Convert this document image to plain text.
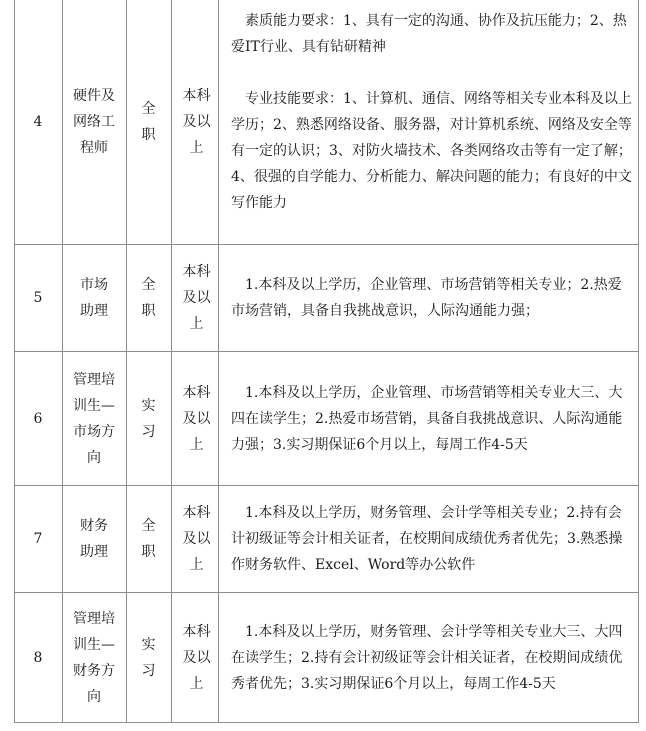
4
硬件及网络工程师
全职
本科及以上

素质能力要求：1、具有一定的沟通、协作及抗压能力；2、热爱IT行业、具有钻研精神

专业技能要求：1、计算机、通信、网络等相关专业本科及以上学历；2、熟悉网络设备、服务器，对计算机系统、网络及安全等有一定的认识；3、对防火墙技术、各类网络攻击等有一定了解；4、很强的自学能力、分析能力、解决问题的能力；有良好的中文写作能力

5
市场助理
全职
本科及以上

1.本科及以上学历，企业管理、市场营销等相关专业；2.热爱市场营销，具备自我挑战意识，人际沟通能力强；

6
管理培训生—市场方向
实习
本科及以上

1.本科及以上学历，企业管理、市场营销等相关专业大三、大四在读学生；2.热爱市场营销，具备自我挑战意识、人际沟通能力强；3.实习期保证6个月以上，每周工作4-5天

7
财务助理
全职
本科及以上

1.本科及以上学历，财务管理、会计学等相关专业；2.持有会计初级证等会计相关证者，在校期间成绩优秀者优先；3.熟悉操作财务软件、Excel、Word等办公软件

8
管理培训生—财务方向
实习
本科及以上

1.本科及以上学历，财务管理、会计学等相关专业大三、大四在读学生；2.持有会计初级证等会计相关证者，在校期间成绩优秀者优先；3.实习期保证6个月以上，每周工作4-5天
